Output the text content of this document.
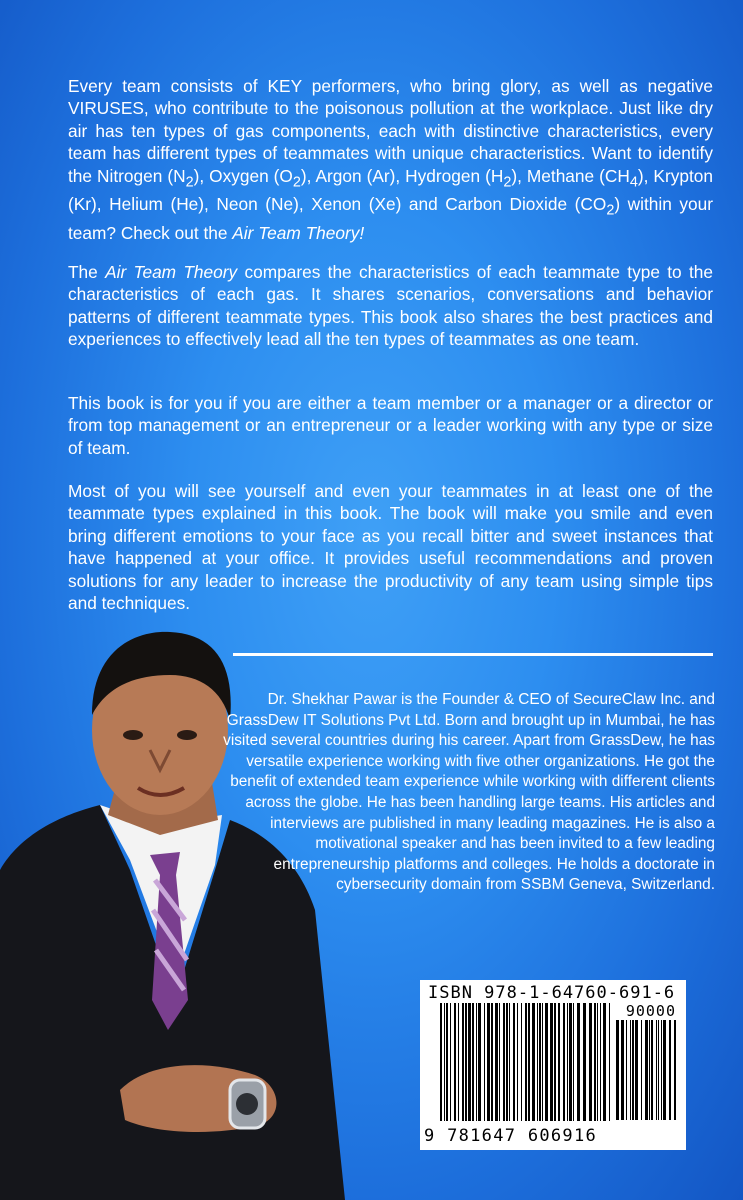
Every team consists of KEY performers, who bring glory, as well as negative VIRUSES, who contribute to the poisonous pollution at the workplace. Just like dry air has ten types of gas components, each with distinctive characteristics, every team has different types of teammates with unique characteristics. Want to identify the Nitrogen $(N_2)$, Oxygen $(O_2)$, Argon (Ar), Hydrogen $(H_2)$, Methane $(CH_4)$, Krypton (Kr), Helium (He), Neon (Ne), Xenon (Xe) and Carbon Dioxide $(CO_2)$ within your team? Check out the Air Team Theory!

The Air Team Theory compares the characteristics of each teammate type to the characteristics of each gas. It shares scenarios, conversations and behavior patterns of different teammate types. This book also shares the best practices and experiences to effectively lead all the ten types of teammates as one team.

This book is for you if you are either a team member or a manager or a director or from top management or an entrepreneur or a leader working with any type or size of team.

Most of you will see yourself and even your teammates in at least one of the teammate types explained in this book. The book will make you smile and even bring different emotions to your face as you recall bitter and sweet instances that have happened at your office. It provides useful recommendations and proven solutions for any leader to increase the productivity of any team using simple tips and techniques.

Dr. Shekhar Pawar is the Founder & CEO of SecureClaw Inc. and GrassDew IT Solutions Pvt Ltd. Born and brought up in Mumbai, he has visited several countries during his career. Apart from GrassDew, he has versatile experience working with five other organizations. He got the benefit of extended team experience while working with different clients across the globe. He has been handling large teams. His articles and interviews are published in many leading magazines. He is also a motivational speaker and has been invited to a few leading entrepreneurship platforms and colleges. He holds a doctorate in cybersecurity domain from SSBM Geneva, Switzerland.

ISBN 978-1-64760-691-6
90000
9 781647 606916
